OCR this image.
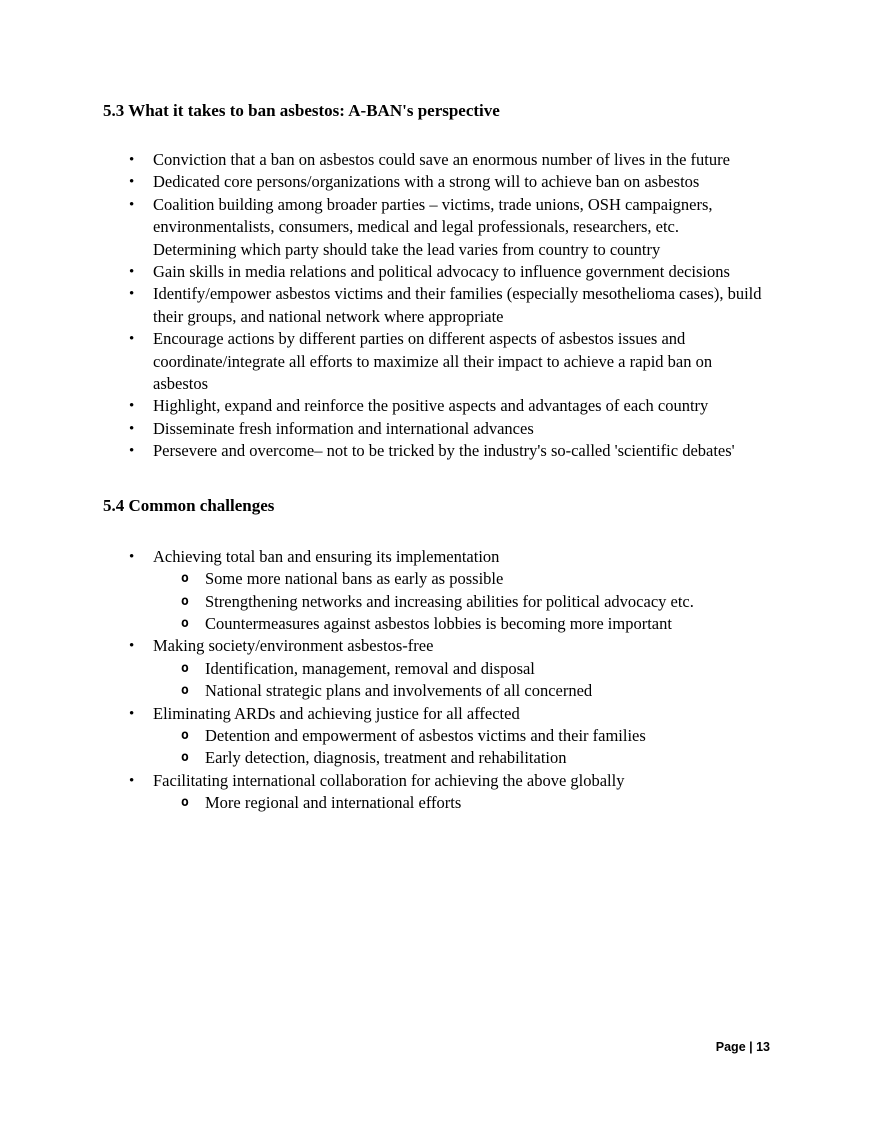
5.3 What it takes to ban asbestos: A-BAN's perspective
• Conviction that a ban on asbestos could save an enormous number of lives in the future
• Dedicated core persons/organizations with a strong will to achieve ban on asbestos
• Coalition building among broader parties – victims, trade unions, OSH campaigners, environmentalists, consumers, medical and legal professionals, researchers, etc. Determining which party should take the lead varies from country to country
• Gain skills in media relations and political advocacy to influence government decisions
• Identify/empower asbestos victims and their families (especially mesothelioma cases), build their groups, and national network where appropriate
• Encourage actions by different parties on different aspects of asbestos issues and coordinate/integrate all efforts to maximize all their impact to achieve a rapid ban on asbestos
• Highlight, expand and reinforce the positive aspects and advantages of each country
• Disseminate fresh information and international advances
• Persevere and overcome– not to be tricked by the industry's so-called 'scientific debates'
5.4 Common challenges
• Achieving total ban and ensuring its implementation
o Some more national bans as early as possible
o Strengthening networks and increasing abilities for political advocacy etc.
o Countermeasures against asbestos lobbies is becoming more important
• Making society/environment asbestos-free
o Identification, management, removal and disposal
o National strategic plans and involvements of all concerned
• Eliminating ARDs and achieving justice for all affected
o Detention and empowerment of asbestos victims and their families
o Early detection, diagnosis, treatment and rehabilitation
• Facilitating international collaboration for achieving the above globally
o More regional and international efforts
Page | 13
